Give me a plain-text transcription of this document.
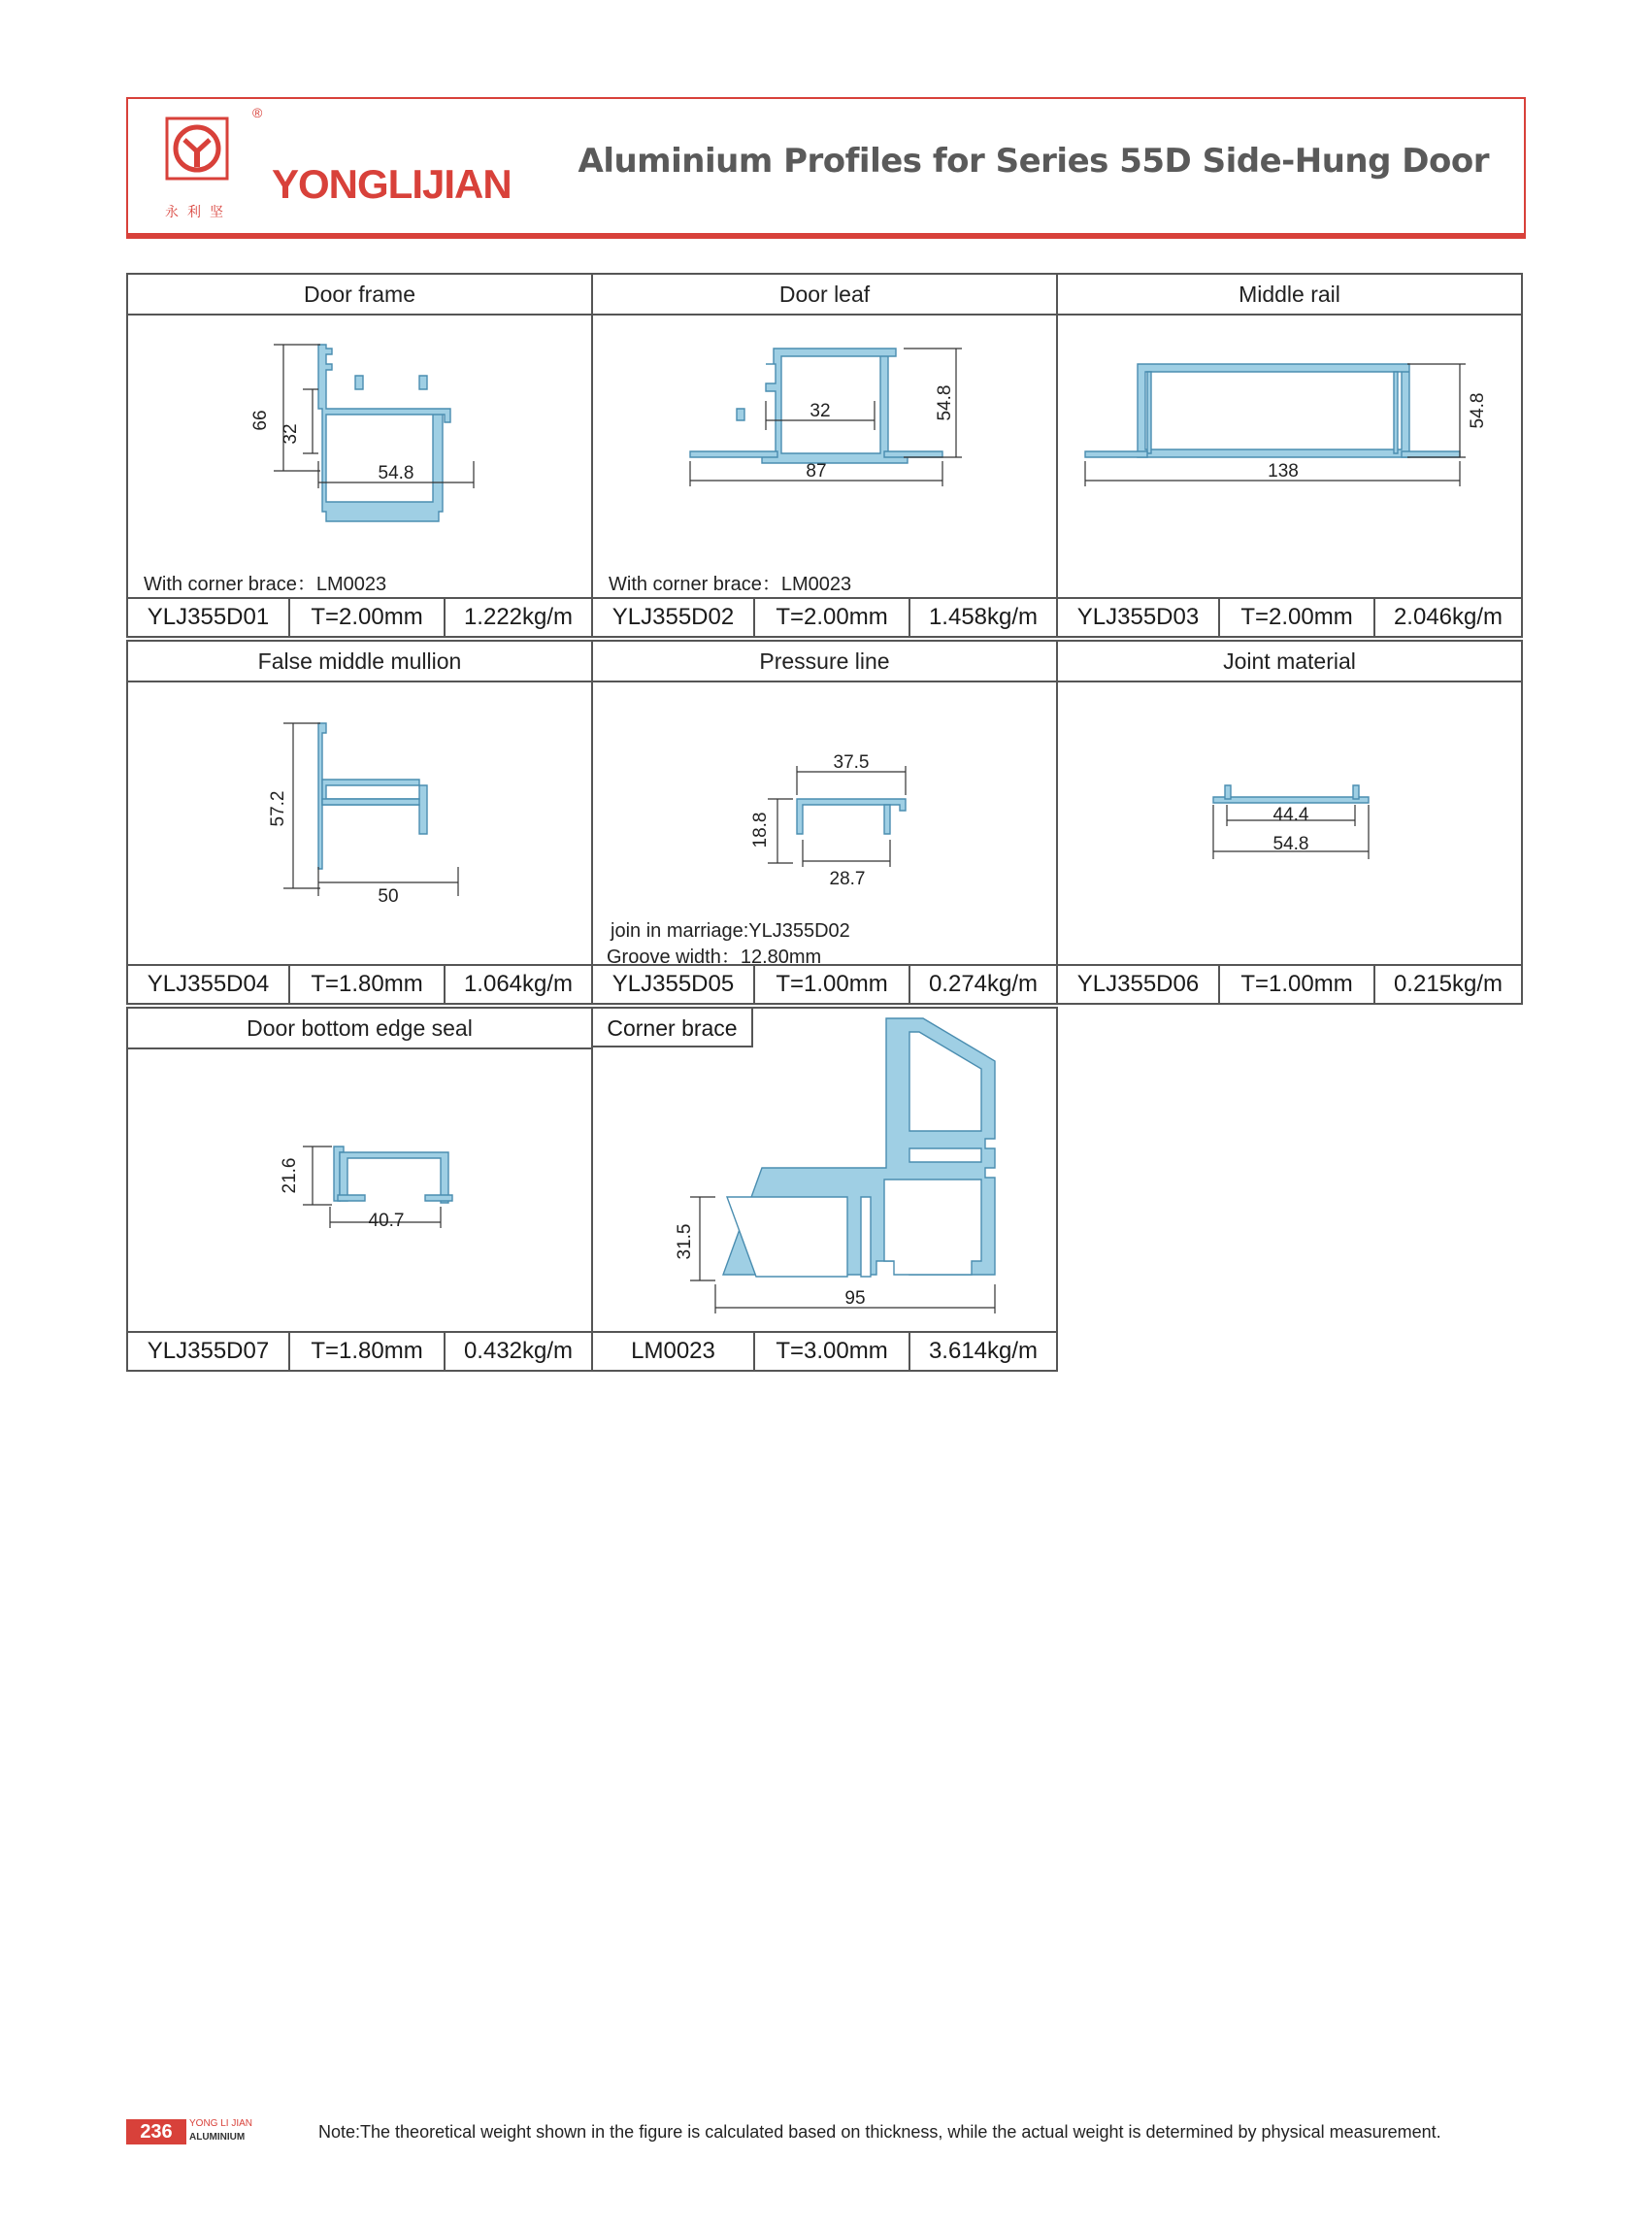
®
永利坚
YONGLIJIAN Aluminium Profiles for Series 55D Side-Hung Door
Door frame
66
32
54.8
With corner brace：LM0023
YLJ355D01	T=2.00mm	1.222kg/m
Door leaf
32	54.8
87
With corner brace：LM0023
YLJ355D02	T=2.00mm	1.458kg/m
Middle rail
54.8
138
YLJ355D03	T=2.00mm	2.046kg/m
False middle mullion
57.2
50
YLJ355D04	T=1.80mm	1.064kg/m
Pressure line
37.5
18.8
28.7
join in marriage:YLJ355D02
Groove width：12.80mm
YLJ355D05	T=1.00mm	0.274kg/m
Joint material
44.4
54.8
YLJ355D06	T=1.00mm	0.215kg/m
Door bottom edge seal
21.6
40.7
YLJ355D07	T=1.80mm	0.432kg/m
31.5
95
Corner brace
LM0023	T=3.00mm	3.614kg/m
236	YONG LI JIAN
ALUMINIUM	Note:The theoretical weight shown in the figure is calculated based on thickness, while the actual weight is determined by physical measurement.
